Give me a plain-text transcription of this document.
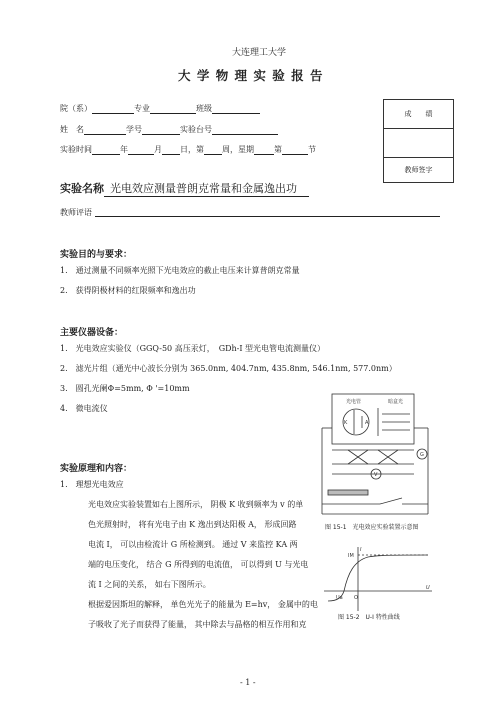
大连理工大学
大 学 物 理 实 验 报 告
院（系）	专业	班级
姓　名	学号	实验台号
实验时间	年	月 日，第 周，星期	第	节
成　　绩

教师签字
实验名称 光电效应测量普朗克常量和金属逸出功
教师评语
实验目的与要求：
1.　通过测量不同频率光照下光电效应的截止电压来计算普朗克常量
2.　获得阴极材料的红限频率和逸出功
主要仪器设备：
1.　光电效应实验仪（GGQ-50 高压汞灯，　GDh-I 型光电管电流测量仪）
2.　滤光片组（通光中心波长分别为 365.0nm, 404.7nm, 435.8nm, 546.1nm, 577.0nm）
3.　圆孔光阑Φ=5mm, Φ '=10mm
4.　微电流仪
实验原理和内容：
1.　理想光电效应
光电效应实验装置如右上图所示， 阴极 K 收到频率为 v 的单
色光照射时， 将有光电子由 K 逸出到达阳极 A， 形成回路
电流 I， 可以由检流计 G 所检测到。 通过 V 来监控 KA 两
端的电压变化， 结合 G 所得到的电流值， 可以得到 U 与光电
流 I 之间的关系， 如右下图所示。
根据爱因斯坦的解释， 单色光光子的能量为 E=hv， 金属中的电
子吸收了光子而获得了能量， 其中除去与晶格的相互作用和克
光电管	暗盒光
K	A
V
G
图 15-1　光电效应实验装置示意图
I
IM
U
O
Ua
图 15-2　U-I 特性曲线
- 1 -
